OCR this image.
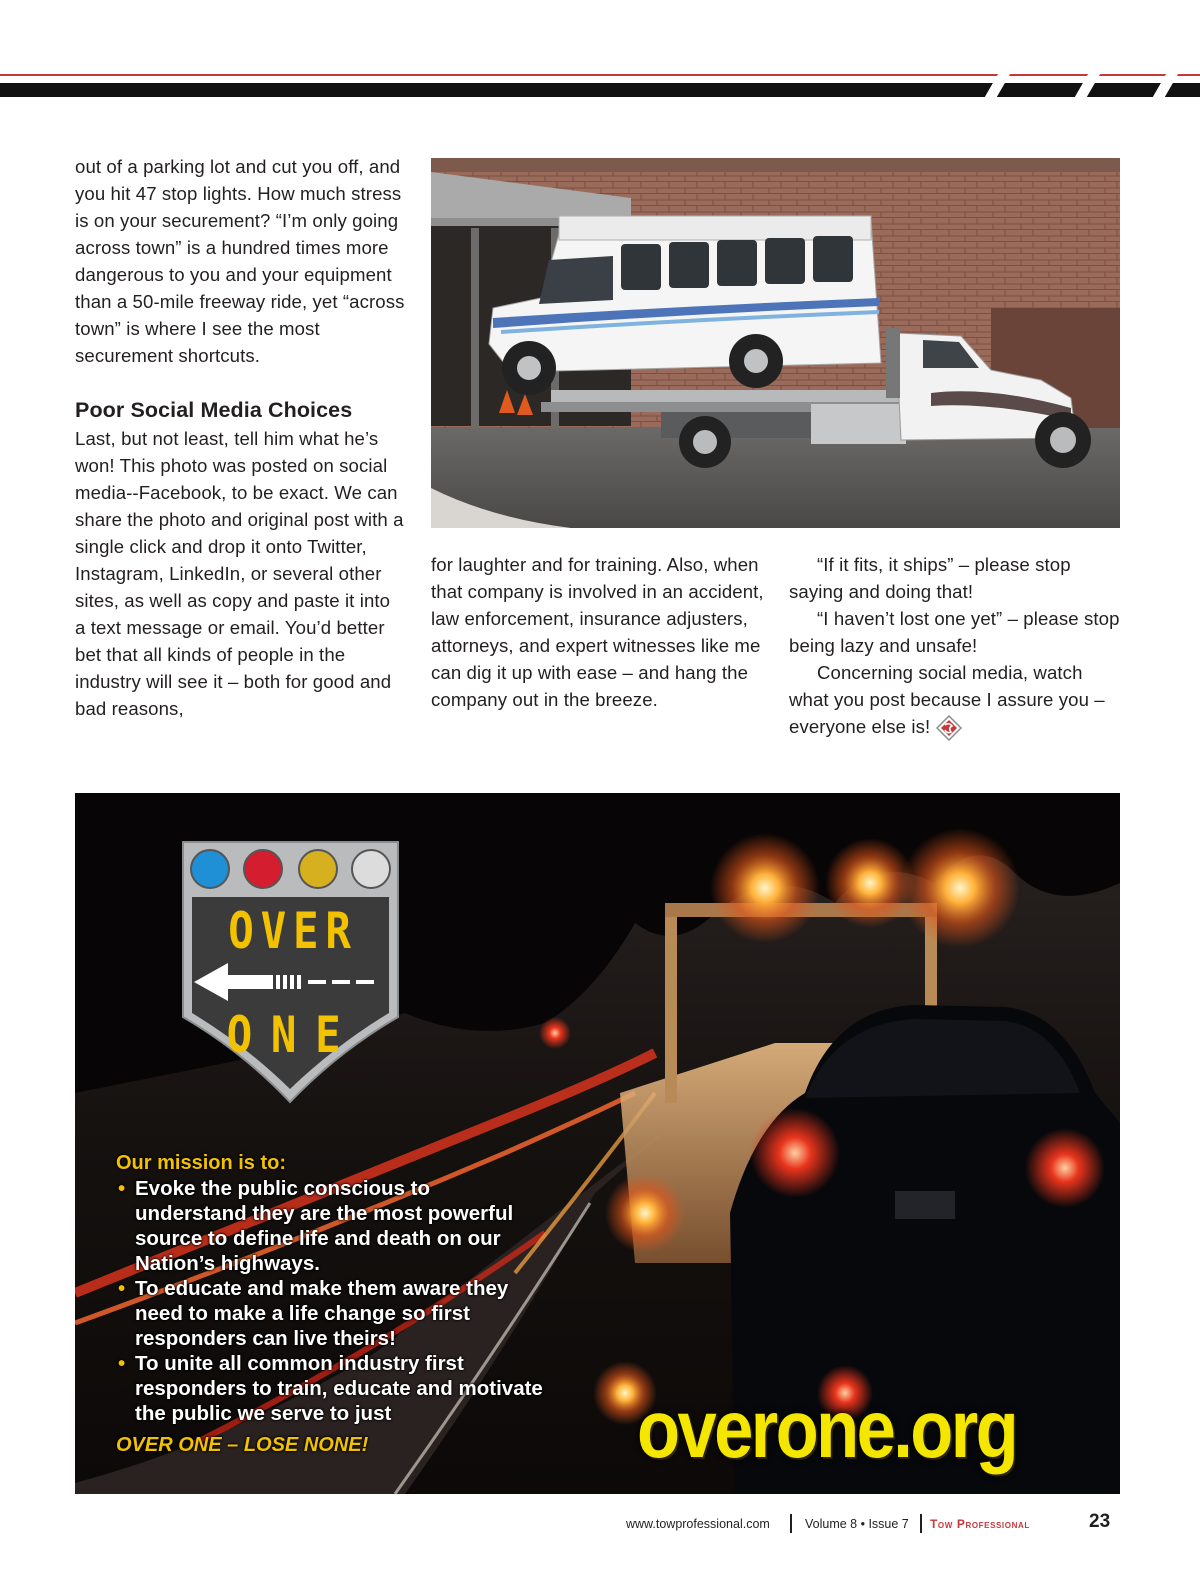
out of a parking lot and cut you off, and you hit 47 stop lights. How much stress is on your securement? “I’m only going across town” is a hundred times more dangerous to you and your equipment than a 50-mile freeway ride, yet “across town” is where I see the most securement shortcuts.

Poor Social Media Choices

Last, but not least, tell him what he’s won! This photo was posted on social media--Facebook, to be exact. We can share the photo and original post with a single click and drop it onto Twitter, Instagram, LinkedIn, or several other sites, as well as copy and paste it into a text message or email. You’d better bet that all kinds of people in the industry will see it – both for good and bad reasons,

for laughter and for training. Also, when that company is involved in an accident, law enforcement, insurance adjusters, attorneys, and expert witnesses like me can dig it up with ease – and hang the company out in the breeze.

“If it fits, it ships” – please stop saying and doing that!

“I haven’t lost one yet” – please stop being lazy and unsafe!

Concerning social media, watch what you post because I assure you – everyone else is!

OVER
ONE
Our mission is to:
• Evoke the public conscious to understand they are the most powerful source to define life and death on our Nation’s highways.
• To educate and make them aware they need to make a life change so first responders can live theirs!
• To unite all common industry first responders to train, educate and motivate the public we serve to just
OVER ONE – LOSE NONE!	overone.org
www.towprofessional.com	Volume 8 • Issue 7 Tow Professional	23
